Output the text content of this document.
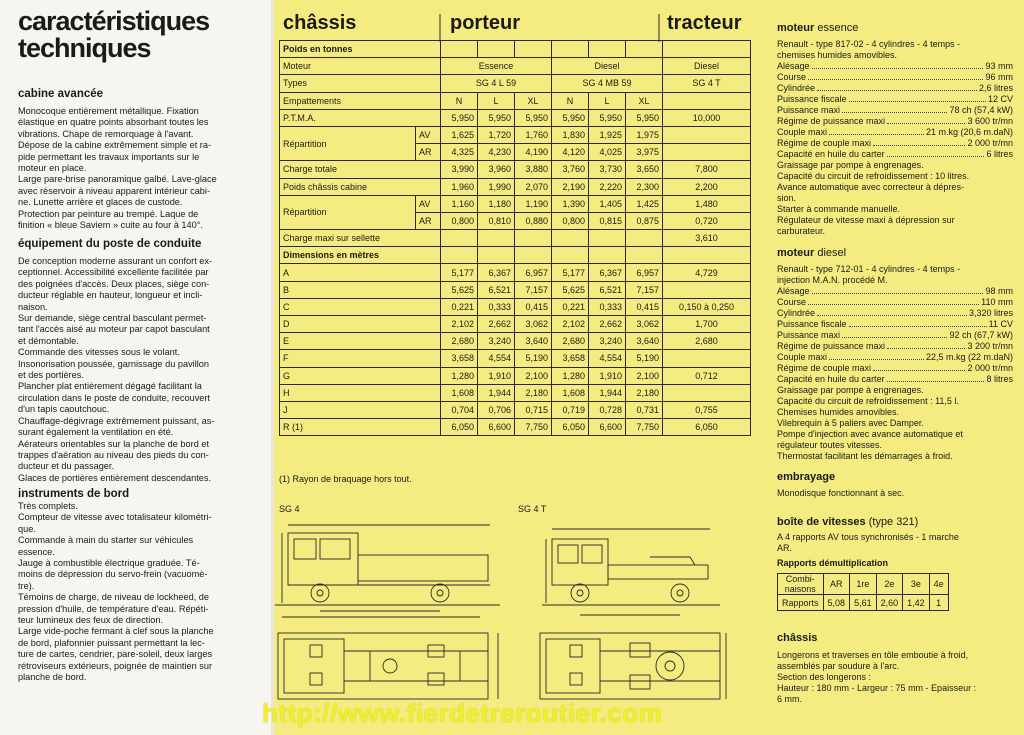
caractéristiques
techniques
cabine avancée

Monocoque entièrement métallique. Fixation
élastique en quatre points absorbant toutes les
vibrations. Chape de remorquage à l'avant.
Dépose de la cabine extrêmement simple et ra-
pide permettant les travaux importants sur le
moteur en place.
Large pare-brise panoramique galbé. Lave-glace
avec réservoir à niveau apparent intérieur cabi-
ne. Lunette arrière et glaces de custode.
Protection par peinture au trempé. Laque de
finition « bleue Saviem » cuite au four à 140°.

équipement du poste de conduite

De conception moderne assurant un confort ex-
ceptionnel. Accessibilité excellente facilitée par
des poignées d'accès. Deux places, siège con-
ducteur réglable en hauteur, longueur et incli-
naison.
Sur demande, siège central basculant permet-
tant l'accès aisé au moteur par capot basculant
et démontable.
Commande des vitesses sous le volant.
Insonorisation poussée, garnissage du pavillon
et des portières.
Plancher plat entièrement dégagé facilitant la
circulation dans le poste de conduite, recouvert
d'un tapis caoutchouc.
Chauffage-dégivrage extrêmement puissant, as-
surant également la ventilation en été.
Aérateurs orientables sur la planche de bord et
trappes d'aération au niveau des pieds du con-
ducteur et du passager.
Glaces de portières entièrement descendantes.

instruments de bord

Très complets.
Compteur de vitesse avec totalisateur kilométri-
que.
Commande à main du starter sur véhicules
essence.
Jauge à combustible électrique graduée. Té-
moins de dépression du servo-frein (vacuomè-
tre).
Témoins de charge, de niveau de lockheed, de
pression d'huile, de température d'eau. Répéti-
teur lumineux des feux de direction.
Large vide-poche fermant à clef sous la planche
de bord, plafonnier puissant permettant la lec-
ture de cartes, cendrier, pare-soleil, deux larges
rétroviseurs extérieurs, poignée de maintien sur
planche de bord.

châssis	porteur	tracteur
Poids en tonnes								
Moteur		Essence			Diesel			Diesel
Types		SG 4 L 59			SG 4 MB 59			SG 4 T
Empattements		N	L	XL	N	L	XL	
P.T.M.A.		5,950	5,950	5,950	5,950	5,950	5,950	10,000
Répartition	AV	1,625	1,720	1,760	1,830	1,925	1,975	
	AR	4,325	4,230	4,190	4,120	4,025	3,975	
Charge totale		3,990	3,960	3,880	3,760	3,730	3,650	7,800
Poids châssis cabine		1,960	1,990	2,070	2,190	2,220	2,300	2,200
Répartition	AV	1,160	1,180	1,190	1,390	1,405	1,425	1,480
	AR	0,800	0,810	0,880	0,800	0,815	0,875	0,720
Charge maxi sur sellette								3,610
Dimensions en mètres								
A		5,177	6,367	6,957	5,177	6,367	6,957	4,729
B		5,625	6,521	7,157	5,625	6,521	7,157	
C		0,221	0,333	0,415	0,221	0,333	0,415	0,150 à 0,250
D		2,102	2,662	3,062	2,102	2,662	3,062	1,700
E		2,680	3,240	3,640	2,680	3,240	3,640	2,680
F		3,658	4,554	5,190	3,658	4,554	5,190	
G		1,280	1,910	2,100	1,280	1,910	2,100	0,712
H		1,608	1,944	2,180	1,608	1,944	2,180	
J		0,704	0,706	0,715	0,719	0,728	0,731	0,755
R (1)		6,050	6,600	7,750	6,050	6,600	7,750	6,050
(1) Rayon de braquage hors tout.
SG 4	SG 4 T
moteur essence
Renault - type 817-02 - 4 cylindres - 4 temps -
chemises humides amovibles.
Alésage	93 mm
Course	96 mm
Cylindrée	2,6 litres
Puissance fiscale	12 CV
Puissance maxi	78 ch (57,4 kW)
Régime de puissance maxi	3 600 tr/mn
Couple maxi	21 m.kg (20,6 m.daN)
Régime de couple maxi	2 000 tr/mn
Capacité en huile du carter	6 litres
Graissage par pompe à engrenages.
Capacité du circuit de refroidissement : 10 litres.
Avance automatique avec correcteur à dépres-
sion.
Starter à commande manuelle.
Régulateur de vitesse maxi à dépression sur
carburateur.
moteur diesel
Renault - type 712-01 - 4 cylindres - 4 temps -
injection M.A.N. procédé M.
Alésage	98 mm
Course	110 mm
Cylindrée	3,320 litres
Puissance fiscale	11 CV
Puissance maxi	92 ch (67,7 kW)
Régime de puissance maxi	3 200 tr/mn
Couple maxi	22,5 m.kg (22 m.daN)
Régime de couple maxi	2 000 tr/mn
Capacité en huile du carter	8 litres
Graissage par pompe à engrenages.
Capacité du circuit de refroidissement : 11,5 l.
Chemises humides amovibles.
Vilebrequin à 5 paliers avec Damper.
Pompe d'injection avec avance automatique et
régulateur toutes vitesses.
Thermostat facilitant les démarrages à froid.
embrayage
Monodisque fonctionnant à sec.
boîte de vitesses (type 321)
A 4 rapports AV tous synchronisés - 1 marche
AR.
Rapports démultiplication
Combi-
naisons	AR	1re	2e	3e	4e
Rapports	5,08	5,61	2,60	1,42	1
châssis
Longerons et traverses en tôle emboutie à froid,
assemblés par soudure à l'arc.
Section des longerons :
Hauteur : 180 mm - Largeur : 75 mm - Epaisseur :
6 mm.
http://www.fierdetreroutier.com
